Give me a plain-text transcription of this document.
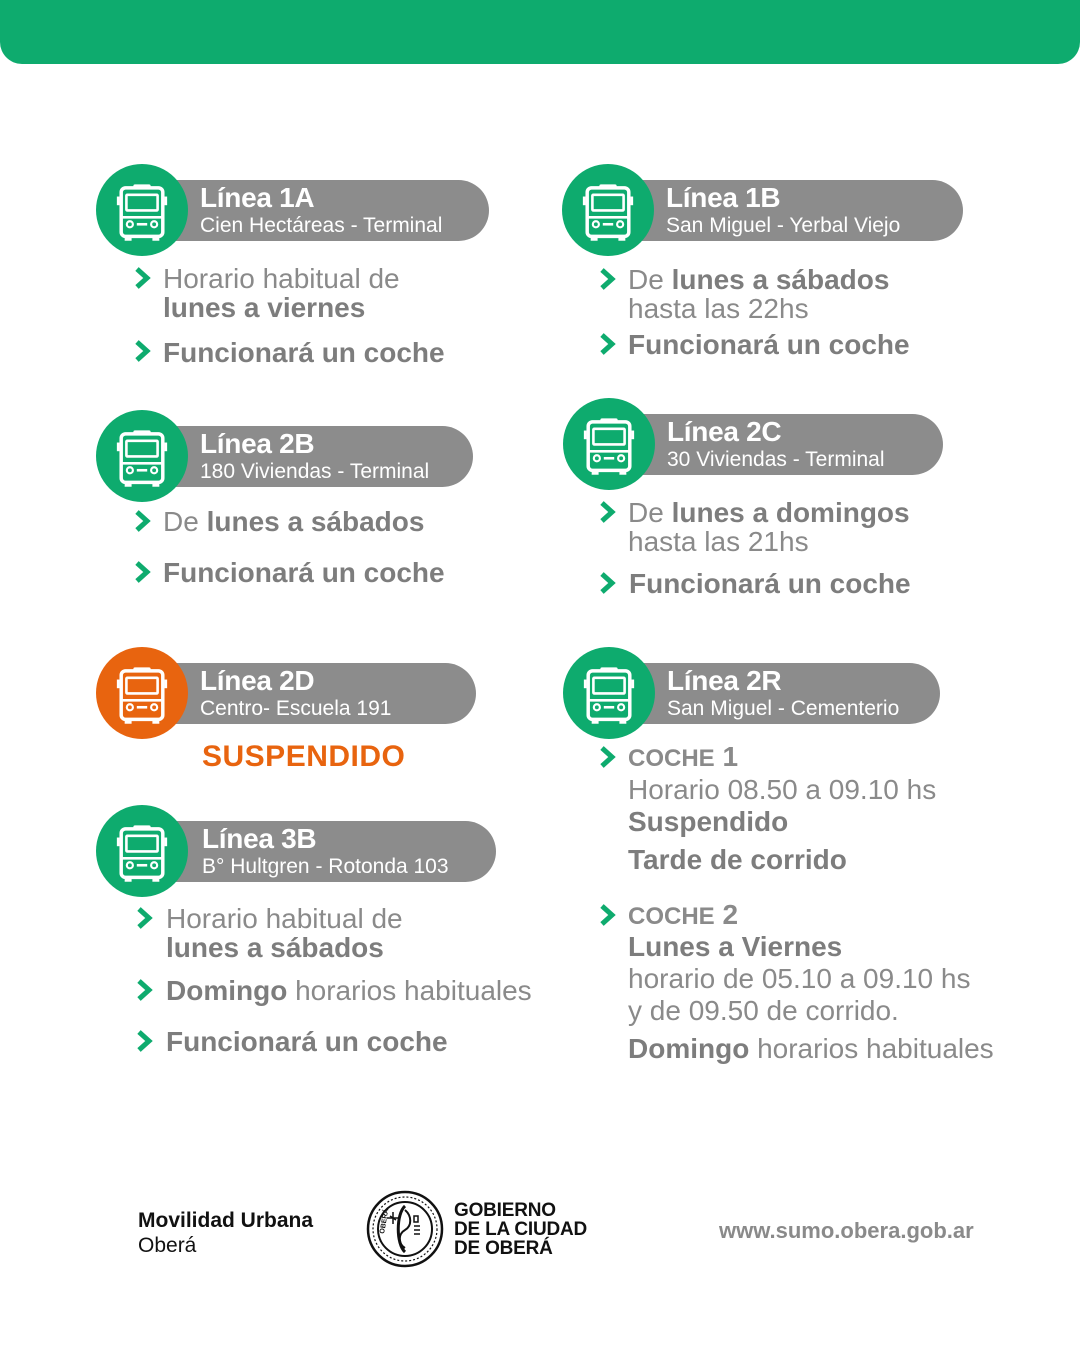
Línea 1A
Cien Hectáreas - Terminal
Horario habitual de
lunes a viernes
Funcionará un coche
Línea 1B
San Miguel - Yerbal Viejo
De lunes a sábados
hasta las 22hs
Funcionará un coche
Línea 2B
180 Viviendas - Terminal
De lunes a sábados
Funcionará un coche
Línea 2C
30 Viviendas - Terminal
De lunes a domingos
hasta las 21hs
Funcionará un coche
Línea 2D
Centro- Escuela 191
SUSPENDIDO
Línea 3B
B° Hultgren - Rotonda 103
Horario habitual de
lunes a sábados
Domingo horarios habituales
Funcionará un coche
Línea 2R
San Miguel - Cementerio
COCHE 1
Horario 08.50 a 09.10 hs
Suspendido
Tarde de corrido
COCHE 2
Lunes a Viernes
horario de 05.10 a 09.10 hs
y de 09.50 de corrido.
Domingo horarios habituales
Movilidad Urbana
Oberá
OBERÁ	GOBIERNO
DE LA CIUDAD
DE OBERÁ
www.sumo.obera.gob.ar
